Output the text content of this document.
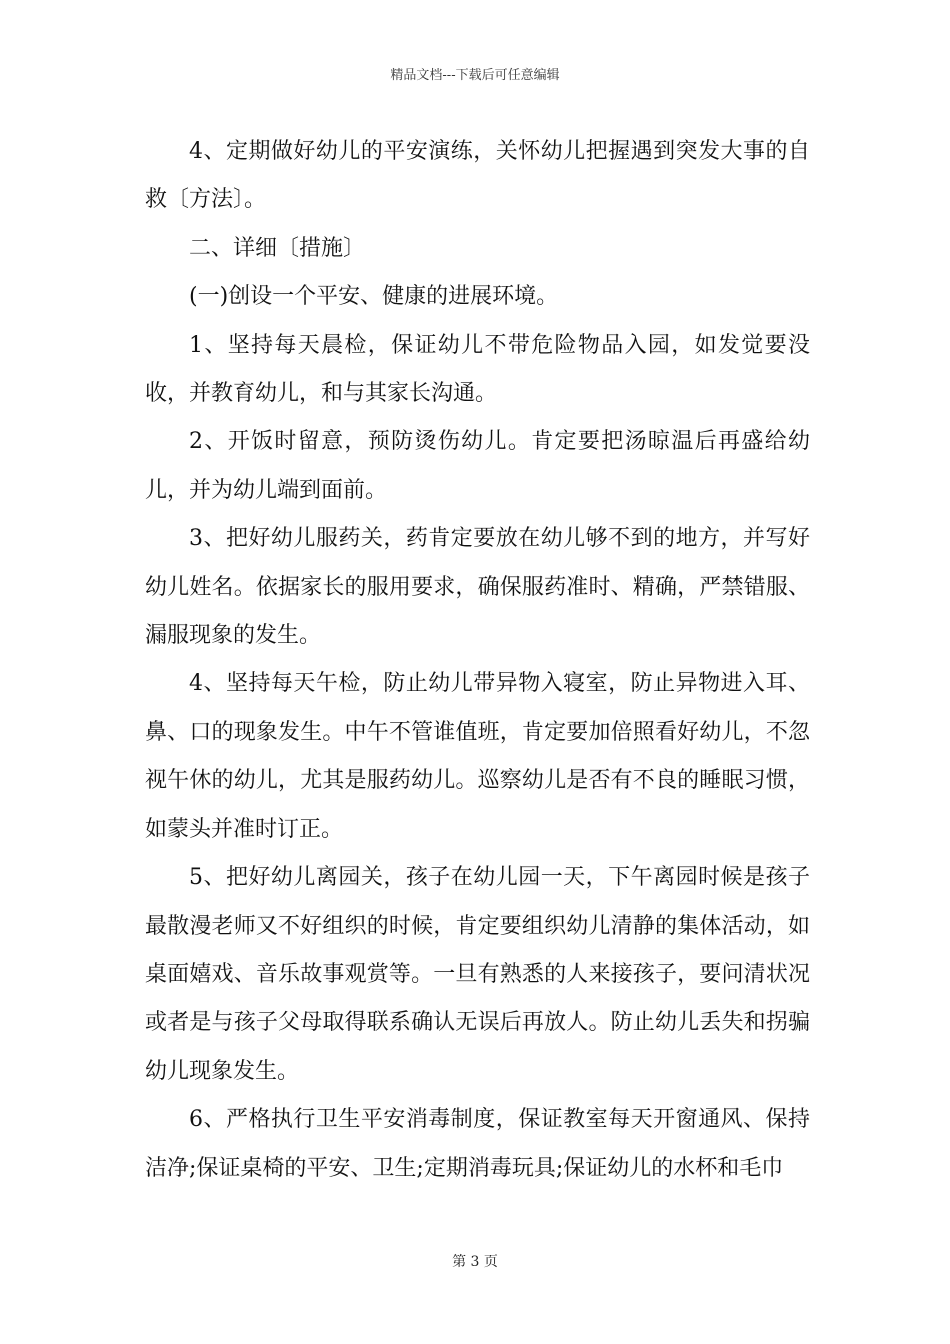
精品文档---下载后可任意编辑

4、定期做好幼儿的平安演练，关怀幼儿把握遇到突发大事的自救〔方法〕。

二、详细〔措施〕

(一)创设一个平安、健康的进展环境。

1、坚持每天晨检，保证幼儿不带危险物品入园，如发觉要没收，并教育幼儿，和与其家长沟通。

2、开饭时留意，预防烫伤幼儿。肯定要把汤晾温后再盛给幼儿，并为幼儿端到面前。

3、把好幼儿服药关，药肯定要放在幼儿够不到的地方，并写好幼儿姓名。依据家长的服用要求，确保服药准时、精确，严禁错服、漏服现象的发生。

4、坚持每天午检，防止幼儿带异物入寝室，防止异物进入耳、鼻、口的现象发生。中午不管谁值班，肯定要加倍照看好幼儿，不忽视午休的幼儿，尤其是服药幼儿。巡察幼儿是否有不良的睡眠习惯，如蒙头并准时订正。

5、把好幼儿离园关，孩子在幼儿园一天，下午离园时候是孩子最散漫老师又不好组织的时候，肯定要组织幼儿清静的集体活动，如桌面嬉戏、音乐故事观赏等。一旦有熟悉的人来接孩子，要问清状况或者是与孩子父母取得联系确认无误后再放人。防止幼儿丢失和拐骗幼儿现象发生。

6、严格执行卫生平安消毒制度，保证教室每天开窗通风、保持洁净;保证桌椅的平安、卫生;定期消毒玩具;保证幼儿的水杯和毛巾

第 3 页
